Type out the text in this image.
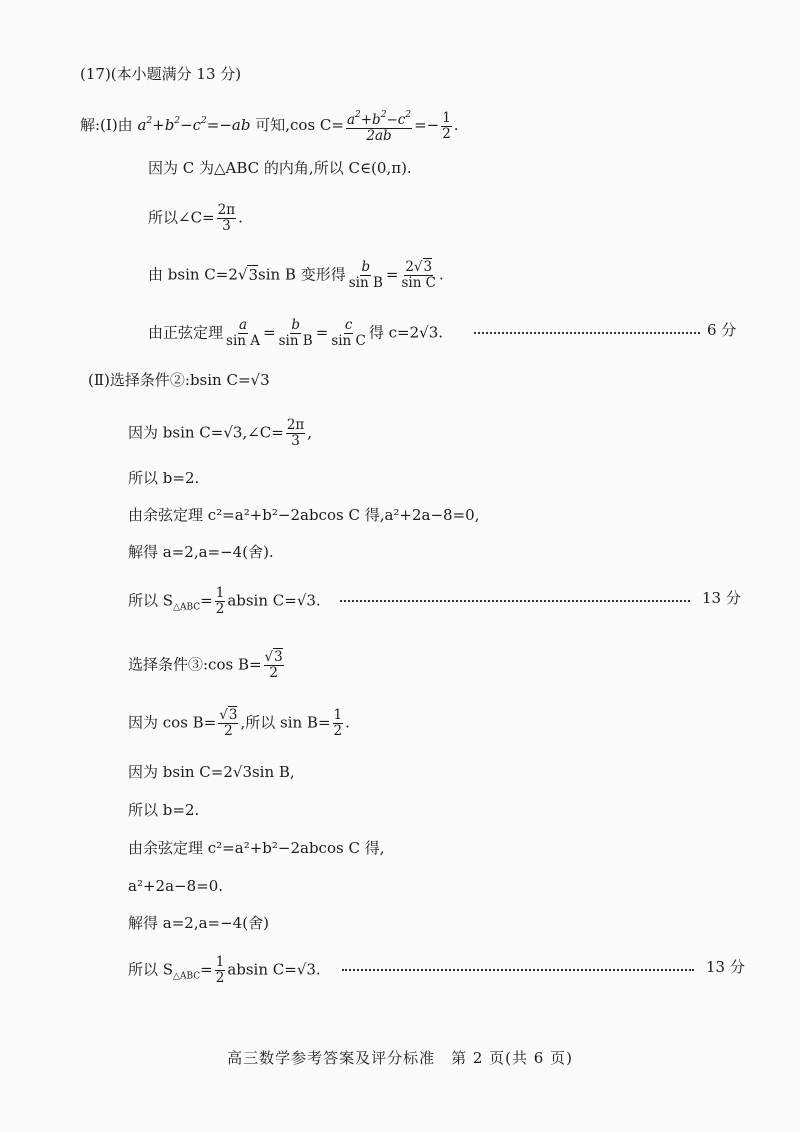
(17)(本小题满分 13 分)
解:(Ⅰ)由 $a^2+b^2-c^2=-ab$ 可知,cos $C= \frac{a^2+b^2-c^2}{2ab} =- \frac{1}{2}$ .
因为 C 为△ABC 的内角,所以 C∈(0,π).
所以∠C= $\frac{2\pi}{3}$ .
由 bsin C=2√3sin B 变形得 $\frac{b}{\text{sin B}} = \frac{2√3}{\text{sin C}}$ .
由正弦定理 $\frac{a}{\text{sin A}} = \frac{b}{\text{sin B}} = \frac{c}{\text{sin C}}$ 得 c=2√3.	6 分
(Ⅱ)选择条件②:bsin C=√3
因为 bsin C=√3,∠C= $\frac{2\pi}{3}$ ,
所以 b=2.
由余弦定理 c²=a²+b²−2abcos C 得,a²+2a−8=0,
解得 a=2,a=−4(舍).
所以 $S_{\triangle ABC}= \frac{1}{2}$ absin C=√3.	13 分
选择条件③:cos $B= \frac{√3}{2}$
因为 $\cos B= \frac{√3}{2}$ ,所以 $\sin B= \frac{1}{2}$ .
因为 bsin C=2√3sin B,
所以 b=2.
由余弦定理 c²=a²+b²−2abcos C 得,
a²+2a−8=0.
解得 a=2,a=−4(舍)
所以 $S_{\triangle ABC}= \frac{1}{2}$ absin C=√3.	13 分
高三数学参考答案及评分标准　第 2 页(共 6 页)
